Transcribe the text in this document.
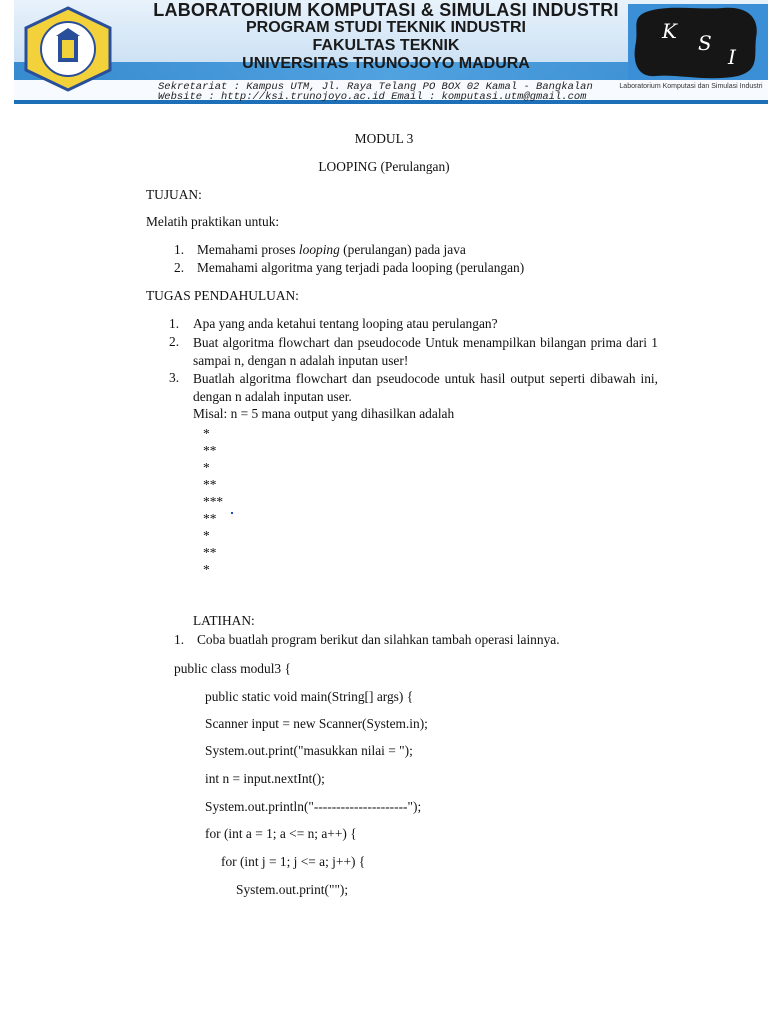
LABORATORIUM KOMPUTASI & SIMULASI INDUSTRI
PROGRAM STUDI TEKNIK INDUSTRI
FAKULTAS TEKNIK
UNIVERSITAS TRUNOJOYO MADURA
Sekretariat : Kampus UTM, Jl. Raya Telang PO BOX 02 Kamal - Bangkalan
Website : http://ksi.trunojoyo.ac.id Email : komputasi.utm@gmail.com
K S
I
Laboratorium Komputasi dan Simulasi Industri
MODUL 3
LOOPING (Perulangan)
TUJUAN:
Melatih praktikan untuk:
1. Memahami proses looping (perulangan) pada java
2. Memahami algoritma yang terjadi pada looping (perulangan)
TUGAS PENDAHULUAN:
1. Apa yang anda ketahui tentang looping atau perulangan?
2. Buat algoritma flowchart dan pseudocode Untuk menampilkan bilangan prima dari 1 sampai n, dengan n adalah inputan user!
3. Buatlah algoritma flowchart dan pseudocode untuk hasil output seperti dibawah ini, dengan n adalah inputan user.
Misal: n = 5 mana output yang dihasilkan adalah
*
**
*
**
***
**
*
**
*
LATIHAN:
1. Coba buatlah program berikut dan silahkan tambah operasi lainnya.
public class modul3 {
public static void main(String[] args) {
Scanner input = new Scanner(System.in);
System.out.print("masukkan nilai = ");
int n = input.nextInt();
System.out.println("---------------------");
for (int a = 1; a <= n; a++) {
for (int j = 1; j <= a; j++) {
System.out.print("");
